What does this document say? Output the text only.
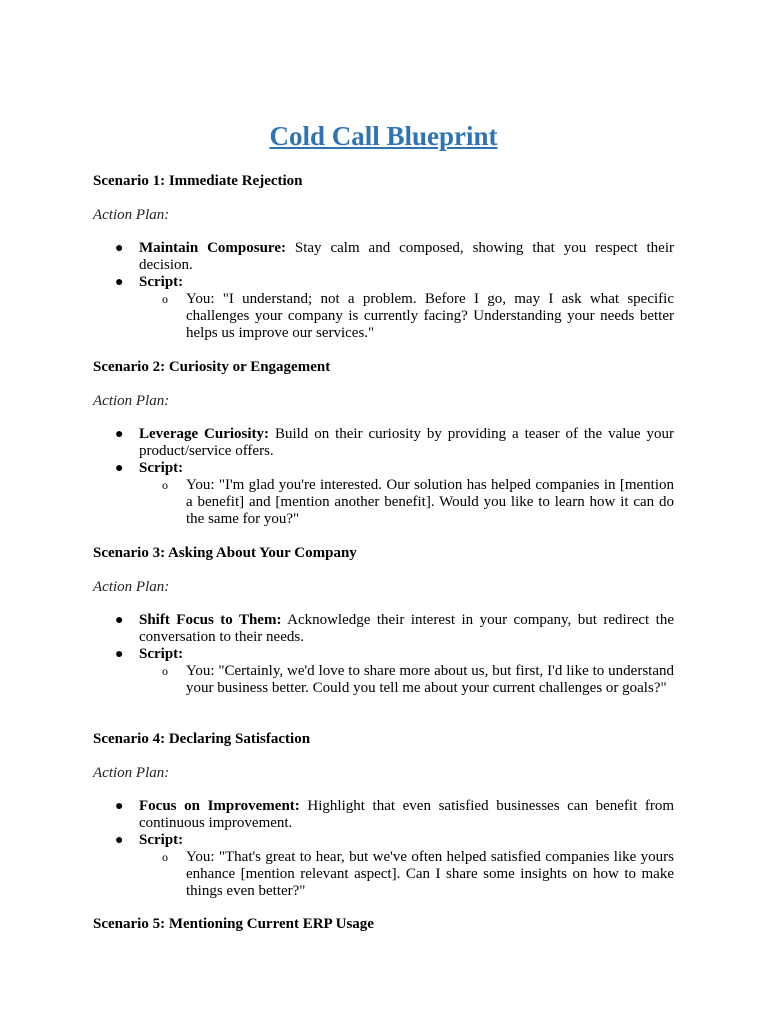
Cold Call Blueprint

Scenario 1: Immediate Rejection

Action Plan:

● Maintain Composure: Stay calm and composed, showing that you respect their decision.
● Script:
o You: "I understand; not a problem. Before I go, may I ask what specific challenges your company is currently facing? Understanding your needs better helps us improve our services."

Scenario 2: Curiosity or Engagement

Action Plan:

● Leverage Curiosity: Build on their curiosity by providing a teaser of the value your product/service offers.
● Script:
o You: "I'm glad you're interested. Our solution has helped companies in [mention a benefit] and [mention another benefit]. Would you like to learn how it can do the same for you?"

Scenario 3: Asking About Your Company

Action Plan:

● Shift Focus to Them: Acknowledge their interest in your company, but redirect the conversation to their needs.
● Script:
o You: "Certainly, we'd love to share more about us, but first, I'd like to understand your business better. Could you tell me about your current challenges or goals?"

Scenario 4: Declaring Satisfaction

Action Plan:

● Focus on Improvement: Highlight that even satisfied businesses can benefit from continuous improvement.
● Script:
o You: "That's great to hear, but we've often helped satisfied companies like yours enhance [mention relevant aspect]. Can I share some insights on how to make things even better?"

Scenario 5: Mentioning Current ERP Usage
